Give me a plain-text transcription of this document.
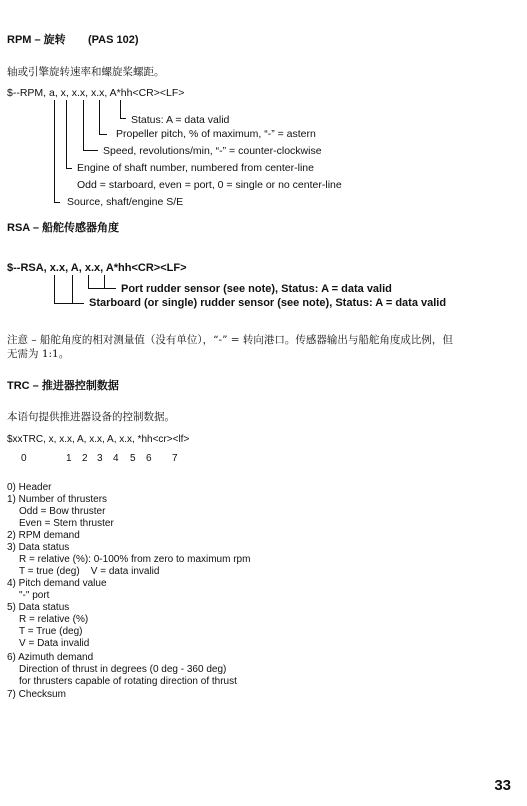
RPM – 旋转 (PAS 102)
轴或引擎旋转速率和螺旋桨螺距。
$--RPM, a, x, x.x, x.x, A*hh<CR><LF>
Status: A = data valid
Propeller pitch, % of maximum, “-” = astern
Speed, revolutions/min, “-” = counter-clockwise
Engine of shaft number, numbered from center-line
Odd = starboard, even = port, 0 = single or no center-line
Source, shaft/engine S/E
RSA – 船舵传感器角度
$--RSA, x.x, A, x.x, A*hh<CR><LF>
Port rudder sensor (see note), Status: A = data valid
Starboard (or single) rudder sensor (see note), Status: A = data valid
注意 – 船舵角度的相对测量值（没有单位），“-” = 转向港口。传感器输出与船舵角度成比例，但
无需为 1:1。
TRC – 推进器控制数据
本语句提供推进器设备的控制数据。
$xxTRC, x, x.x, A, x.x, A, x.x, *hh<cr><lf>
0	1 2 3 4 5 6 7
0) Header
1) Number of thrusters
Odd = Bow thruster
Even = Stern thruster
2) RPM demand
3) Data status
R = relative (%): 0-100% from zero to maximum rpm
T = true (deg)    V = data invalid
4) Pitch demand value
"-" port
5) Data status
R = relative (%)
T = True (deg)
V = Data invalid
6) Azimuth demand
Direction of thrust in degrees (0 deg - 360 deg)
for thrusters capable of rotating direction of thrust
7) Checksum
33
